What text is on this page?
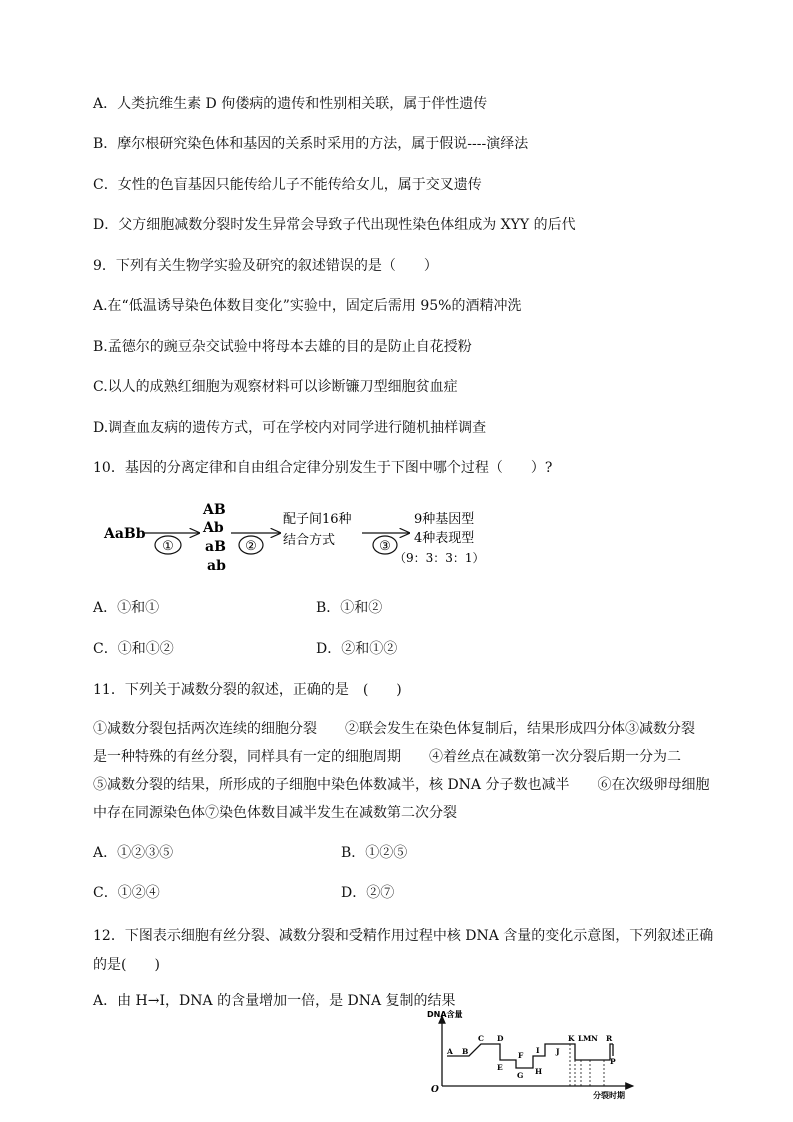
A．人类抗维生素 D 佝偻病的遗传和性别相关联，属于伴性遗传
B．摩尔根研究染色体和基因的关系时采用的方法，属于假说----演绎法
C．女性的色盲基因只能传给儿子不能传给女儿，属于交叉遗传
D．父方细胞减数分裂时发生异常会导致子代出现性染色体组成为 XYY 的后代
9．下列有关生物学实验及研究的叙述错误的是（　　）
A.在“低温诱导染色体数目变化”实验中，固定后需用 95%的酒精冲洗
B.孟德尔的豌豆杂交试验中将母本去雄的目的是防止自花授粉
C.以人的成熟红细胞为观察材料可以诊断镰刀型细胞贫血症
D.调查血友病的遗传方式，可在学校内对同学进行随机抽样调查
10．基因的分离定律和自由组合定律分别发生于下图中哪个过程（　　）?
AaBb
①
AB
Ab
aB
ab
②
配子间16种
结合方式	③
9种基因型
4种表现型
（9：3：3：1）
A．①和①	B．①和②
C．①和①②	D．②和①②
11．下列关于减数分裂的叙述，正确的是　(　　)
①减数分裂包括两次连续的细胞分裂　　②联会发生在染色体复制后，结果形成四分体③减数分裂
是一种特殊的有丝分裂，同样具有一定的细胞周期　　④着丝点在减数第一次分裂后期一分为二
⑤减数分裂的结果，所形成的子细胞中染色体数减半，核 DNA 分子数也减半　　⑥在次级卵母细胞
中存在同源染色体⑦染色体数目减半发生在减数第二次分裂
A．①②③⑤	B．①②⑤
C．①②④	D．②⑦
12．下图表示细胞有丝分裂、减数分裂和受精作用过程中核 DNA 含量的变化示意图，下列叙述正确
的是(　　)
A．由 H→I，DNA 的含量增加一倍，是 DNA 复制的结果
DNA含量
分裂时期
O
A B
C D
E
F
G H
I J
K L M N R
P
